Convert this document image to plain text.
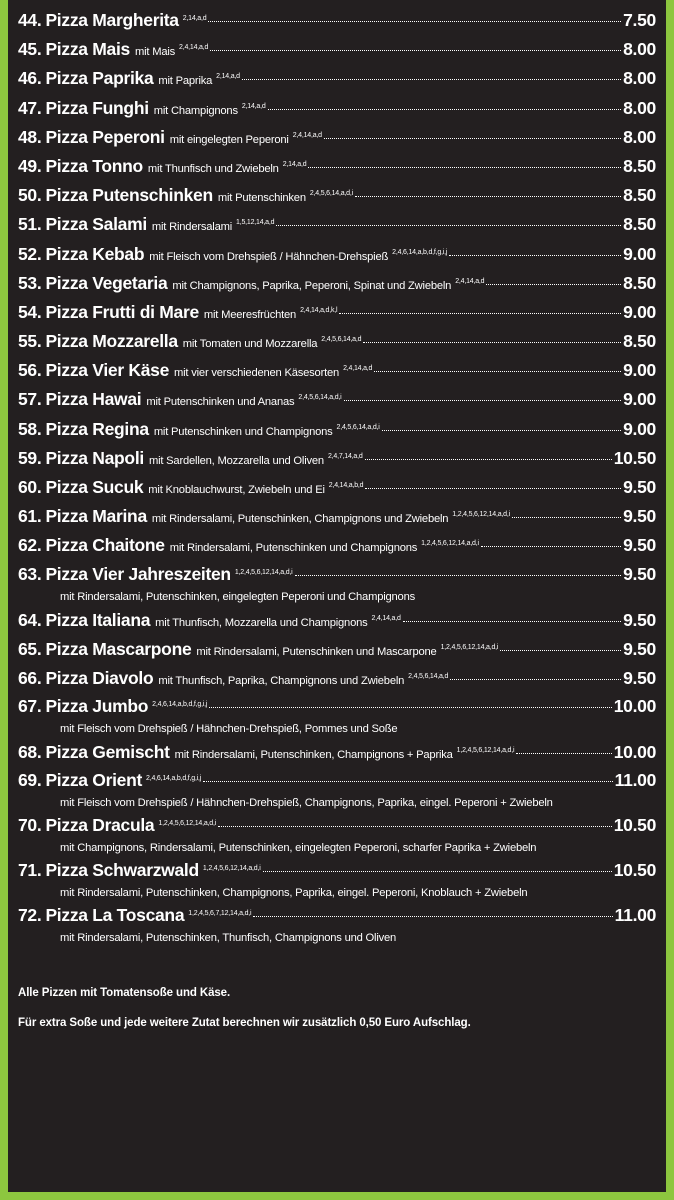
44. Pizza Margherita 2,14,a,d	7.50
45. Pizza Mais mit Mais 2,4,14,a,d	8.00
46. Pizza Paprika mit Paprika 2,14,a,d	8.00
47. Pizza Funghi mit Champignons 2,14,a,d	8.00
48. Pizza Peperoni mit eingelegten Peperoni 2,4,14,a,d	8.00
49. Pizza Tonno mit Thunfisch und Zwiebeln 2,14,a,d	8.50
50. Pizza Putenschinken mit Putenschinken 2,4,5,6,14,a,d,i	8.50
51. Pizza Salami mit Rindersalami 1,5,12,14,a,d	8.50
52. Pizza Kebab mit Fleisch vom Drehspieß / Hähnchen-Drehspieß 2,4,6,14,a,b,d,f,g,i,j	9.00
53. Pizza Vegetaria mit Champignons, Paprika, Peperoni, Spinat und Zwiebeln 2,4,14,a,d	8.50
54. Pizza Frutti di Mare mit Meeresfrüchten 2,4,14,a,d,k,l	9.00
55. Pizza Mozzarella mit Tomaten und Mozzarella 2,4,5,6,14,a,d	8.50
56. Pizza Vier Käse mit vier verschiedenen Käsesorten 2,4,14,a,d	9.00
57. Pizza Hawai mit Putenschinken und Ananas 2,4,5,6,14,a,d,i	9.00
58. Pizza Regina mit Putenschinken und Champignons 2,4,5,6,14,a,d,i	9.00
59. Pizza Napoli mit Sardellen, Mozzarella und Oliven 2,4,7,14,a,d	10.50
60. Pizza Sucuk mit Knoblauchwurst, Zwiebeln und Ei 2,4,14,a,b,d	9.50
61. Pizza Marina mit Rindersalami, Putenschinken, Champignons und Zwiebeln 1,2,4,5,6,12,14,a,d,i	9.50
62. Pizza Chaitone mit Rindersalami, Putenschinken und Champignons 1,2,4,5,6,12,14,a,d,i	9.50
63. Pizza Vier Jahreszeiten 1,2,4,5,6,12,14,a,d,i	9.50
mit Rindersalami, Putenschinken, eingelegten Peperoni und Champignons
64. Pizza Italiana mit Thunfisch, Mozzarella und Champignons 2,4,14,a,d	9.50
65. Pizza Mascarpone mit Rindersalami, Putenschinken und Mascarpone 1,2,4,5,6,12,14,a,d,i	9.50
66. Pizza Diavolo mit Thunfisch, Paprika, Champignons und Zwiebeln 2,4,5,6,14,a,d	9.50
67. Pizza Jumbo 2,4,6,14,a,b,d,f,g,i,j	10.00
mit Fleisch vom Drehspieß / Hähnchen-Drehspieß, Pommes und Soße
68. Pizza Gemischt mit Rindersalami, Putenschinken, Champignons + Paprika 1,2,4,5,6,12,14,a,d,i	10.00
69. Pizza Orient 2,4,6,14,a,b,d,f,g,i,j	11.00
mit Fleisch vom Drehspieß / Hähnchen-Drehspieß, Champignons, Paprika, eingel. Peperoni + Zwiebeln
70. Pizza Dracula 1,2,4,5,6,12,14,a,d,i	10.50
mit Champignons, Rindersalami, Putenschinken, eingelegten Peperoni, scharfer Paprika + Zwiebeln
71. Pizza Schwarzwald 1,2,4,5,6,12,14,a,d,i	10.50
mit Rindersalami, Putenschinken, Champignons, Paprika, eingel. Peperoni, Knoblauch + Zwiebeln
72. Pizza La Toscana 1,2,4,5,6,7,12,14,a,d,i	11.00
mit Rindersalami, Putenschinken, Thunfisch, Champignons und Oliven

Alle Pizzen mit Tomatensoße und Käse.

Für extra Soße und jede weitere Zutat berechnen wir zusätzlich 0,50 Euro Aufschlag.
